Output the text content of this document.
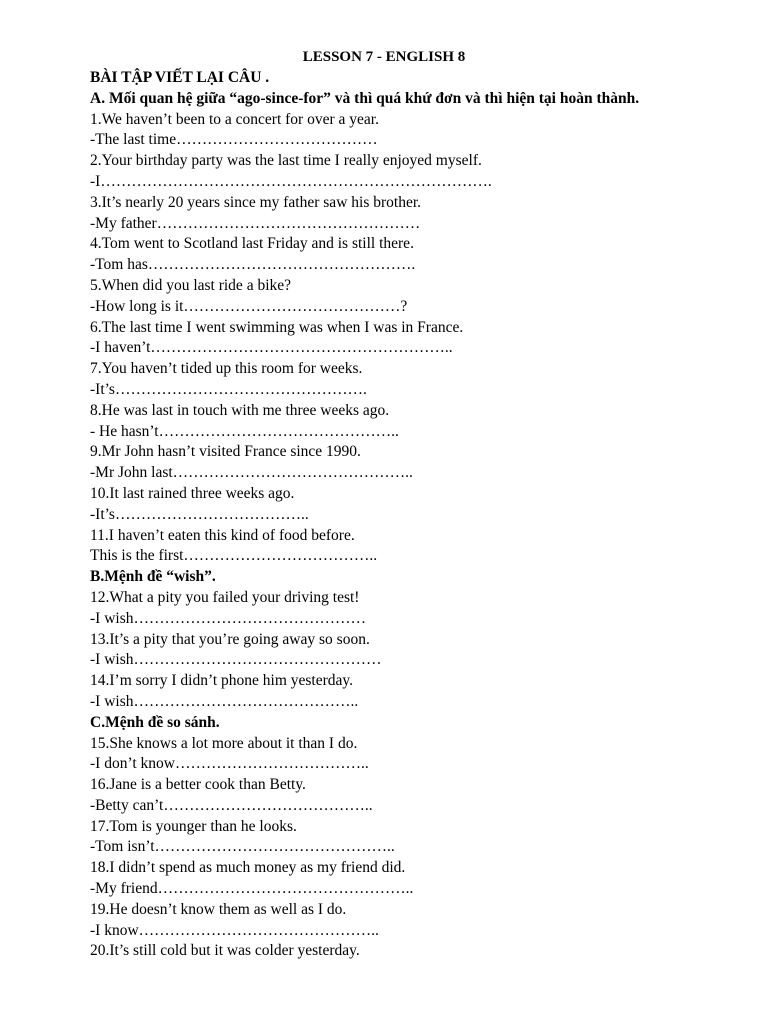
LESSON 7 - ENGLISH 8

BÀI TẬP VIẾT LẠI CÂU .

A. Mối quan hệ giữa “ago-since-for” và thì quá khứ đơn và thì hiện tại hoàn thành.

1.We haven’t been to a concert for over a year.

-The last time…………………………………

2.Your birthday party was the last time I really enjoyed myself.

-I………………………………………………………………….

3.It’s nearly 20 years since my father saw his brother.

-My father……………………………………………

4.Tom went to Scotland last Friday and is still there.

-Tom has…………………………………………….

5.When did you last ride a bike?

-How long is it……………………………………?

6.The last time I went swimming was when I was in France.

-I haven’t…………………………………………………..

7.You haven’t tided up this room for weeks.

-It’s………………………………………….

8.He was last in touch with me three weeks ago.

- He hasn’t………………………………………..

9.Mr John hasn’t visited France since 1990.

-Mr John last………………………………………..

10.It last rained three weeks ago.

-It’s………………………………..

11.I haven’t eaten this kind of food before.

This is the first………………………………..

B.Mệnh đề “wish”.

12.What a pity you failed your driving test!

-I wish………………………………………

13.It’s a pity that you’re going away so soon.

-I wish…………………………………………

14.I’m sorry I didn’t phone him yesterday.

-I wish……………………………………..

C.Mệnh đề so sánh.

15.She knows a lot more about it than I do.

-I don’t know………………………………..

16.Jane is a better cook than Betty.

-Betty can’t…………………………………..

17.Tom is younger than he looks.

-Tom isn’t………………………………………..

18.I didn’t spend as much money as my friend did.

-My friend…………………………………………..

19.He doesn’t know them as well as I do.

-I know………………………………………..

20.It’s still cold but it was colder yesterday.
